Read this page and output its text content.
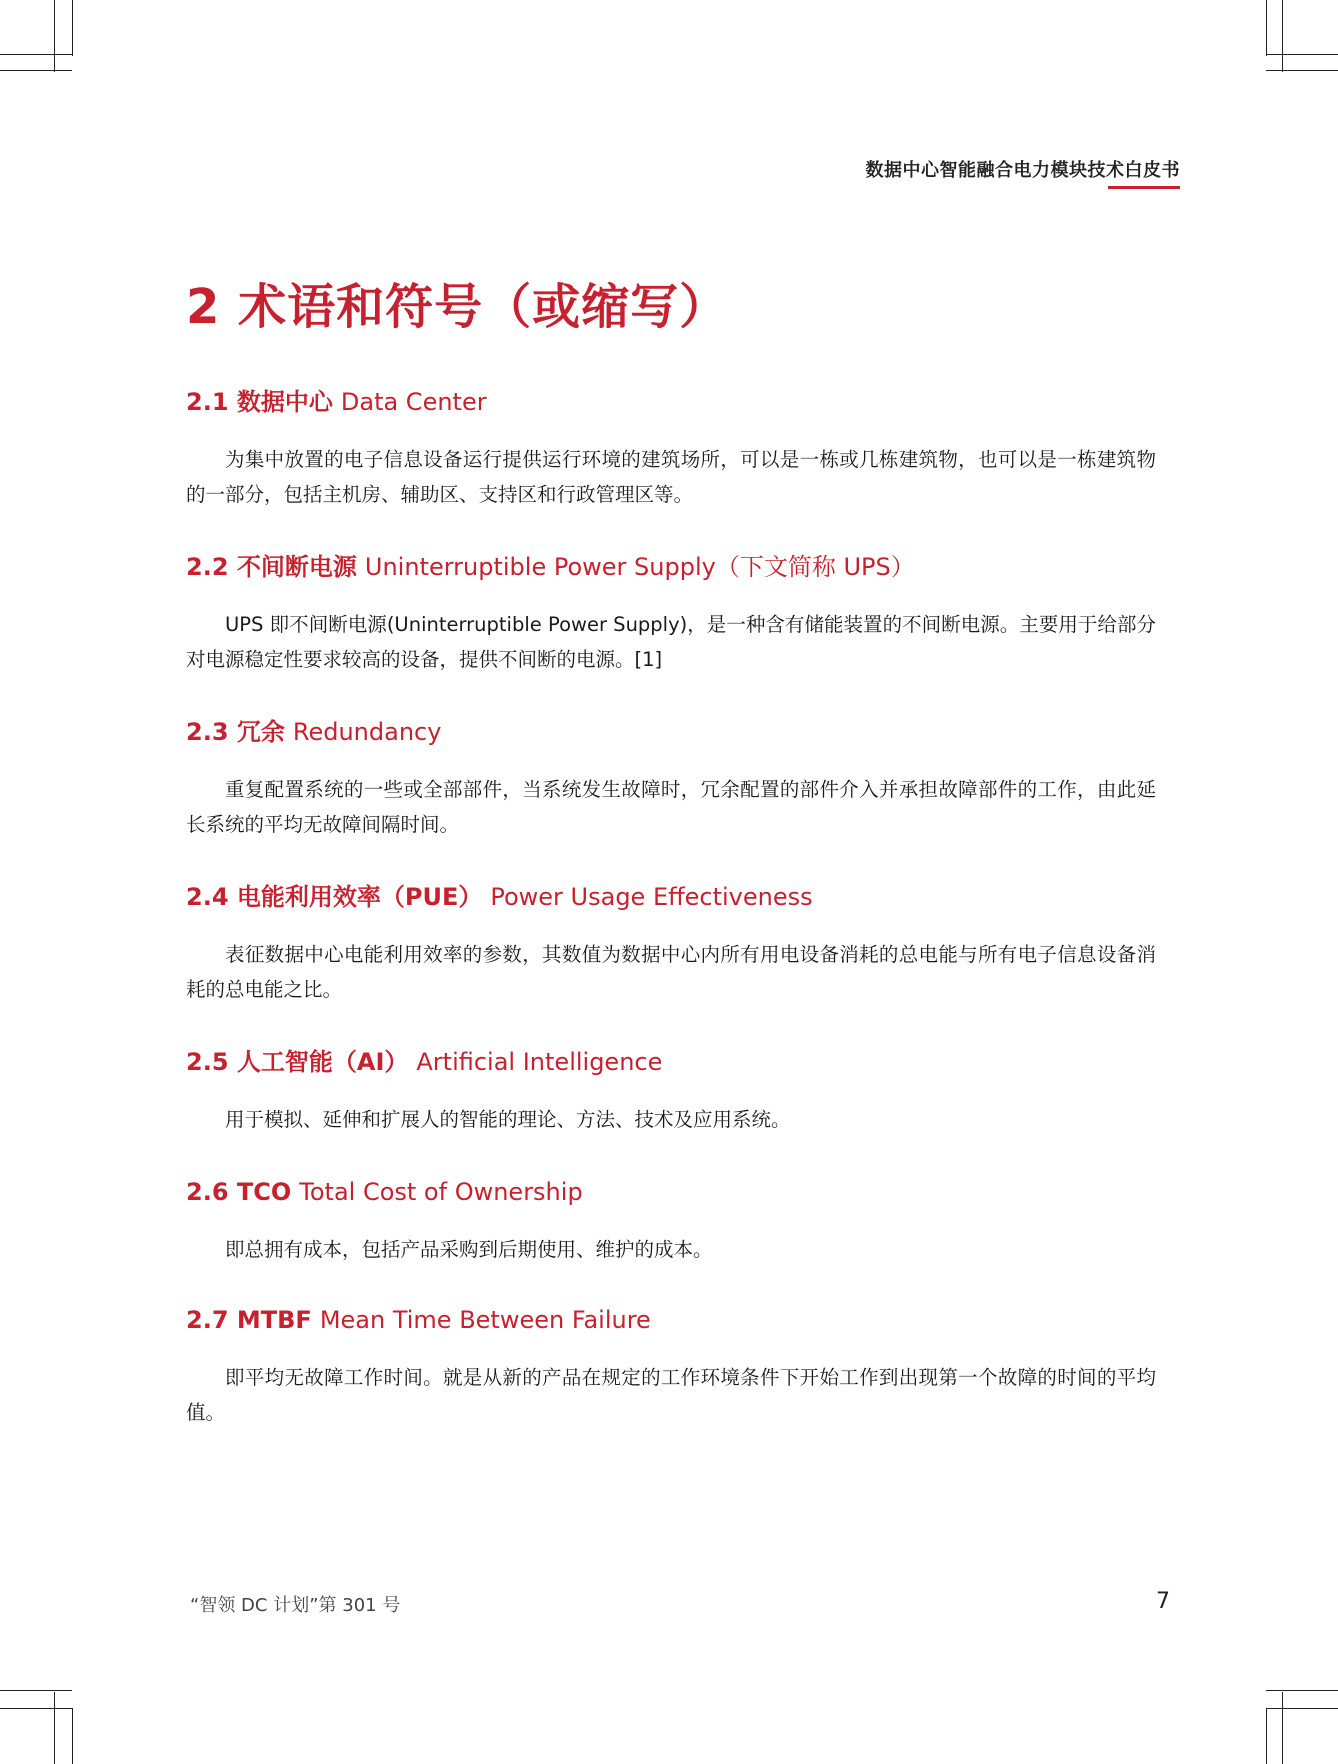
数据中心智能融合电力模块技术白皮书
2 术语和符号（或缩写）
2.1 数据中心 Data Center

为集中放置的电子信息设备运行提供运行环境的建筑场所，可以是一栋或几栋建筑物，也可以是一栋建筑物的一部分，包括主机房、辅助区、支持区和行政管理区等。

2.2 不间断电源 Uninterruptible Power Supply（下文简称 UPS）

UPS 即不间断电源(Uninterruptible Power Supply)，是一种含有储能装置的不间断电源。主要用于给部分对电源稳定性要求较高的设备，提供不间断的电源。[1]

2.3 冗余 Redundancy

重复配置系统的一些或全部部件，当系统发生故障时，冗余配置的部件介入并承担故障部件的工作，由此延长系统的平均无故障间隔时间。

2.4 电能利用效率（PUE） Power Usage Effectiveness

表征数据中心电能利用效率的参数，其数值为数据中心内所有用电设备消耗的总电能与所有电子信息设备消耗的总电能之比。

2.5 人工智能（AI） Artificial Intelligence

用于模拟、延伸和扩展人的智能的理论、方法、技术及应用系统。

2.6 TCO Total Cost of Ownership

即总拥有成本，包括产品采购到后期使用、维护的成本。

2.7 MTBF Mean Time Between Failure

即平均无故障工作时间。就是从新的产品在规定的工作环境条件下开始工作到出现第一个故障的时间的平均值。

“智领 DC 计划”第 301 号	7
